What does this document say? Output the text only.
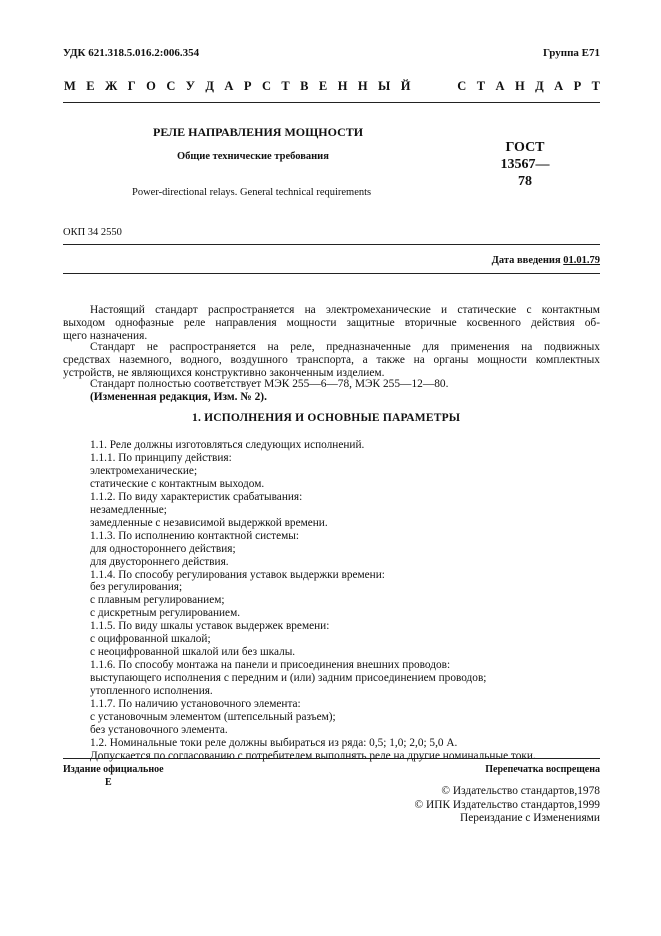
УДК 621.318.5.016.2:006.354	Группа Е71
М Е Ж Г О С У Д А Р С Т В Е Н Н Ы Й	С Т А Н Д А Р Т
РЕЛЕ НАПРАВЛЕНИЯ МОЩНОСТИ
Общие технические требования
ГОСТ
13567—78
Power-directional relays. General technical requirements
ОКП 34 2550
Дата введения 01.01.79
Настоящий стандарт распространяется на электромеханические и статические с контактным
выходом однофазные реле направления мощности защитные вторичные косвенного действия об-
щего назначения.
Стандарт не распространяется на реле, предназначенные для применения на подвижных
средствах наземного, водного, воздушного транспорта, а также на органы мощности комплектных
устройств, не являющихся конструктивно законченным изделием.
Стандарт полностью соответствует МЭК 255—6—78, МЭК 255—12—80.
(Измененная редакция, Изм. № 2).
1. ИСПОЛНЕНИЯ И ОСНОВНЫЕ ПАРАМЕТРЫ
1.1. Реле должны изготовляться следующих исполнений.
1.1.1. По принципу действия:
электромеханические;
статические с контактным выходом.
1.1.2. По виду характеристик срабатывания:
незамедленные;
замедленные с независимой выдержкой времени.
1.1.3. По исполнению контактной системы:
для одностороннего действия;
для двустороннего действия.
1.1.4. По способу регулирования уставок выдержки времени:
без регулирования;
с плавным регулированием;
с дискретным регулированием.
1.1.5. По виду шкалы уставок выдержек времени:
с оцифрованной шкалой;
с неоцифрованной шкалой или без шкалы.
1.1.6. По способу монтажа на панели и присоединения внешних проводов:
выступающего исполнения с передним и (или) задним присоединением проводов;
утопленного исполнения.
1.1.7. По наличию установочного элемента:
с установочным элементом (штепсельный разъем);
без установочного элемента.
1.2. Номинальные токи реле должны выбираться из ряда: 0,5; 1,0; 2,0; 5,0 А.
Допускается по согласованию с потребителем выполнять реле на другие номинальные токи.
Издание официальное
Е
Перепечатка воспрещена
© Издательство стандартов,1978
© ИПК Издательство стандартов,1999
Переиздание с Изменениями
